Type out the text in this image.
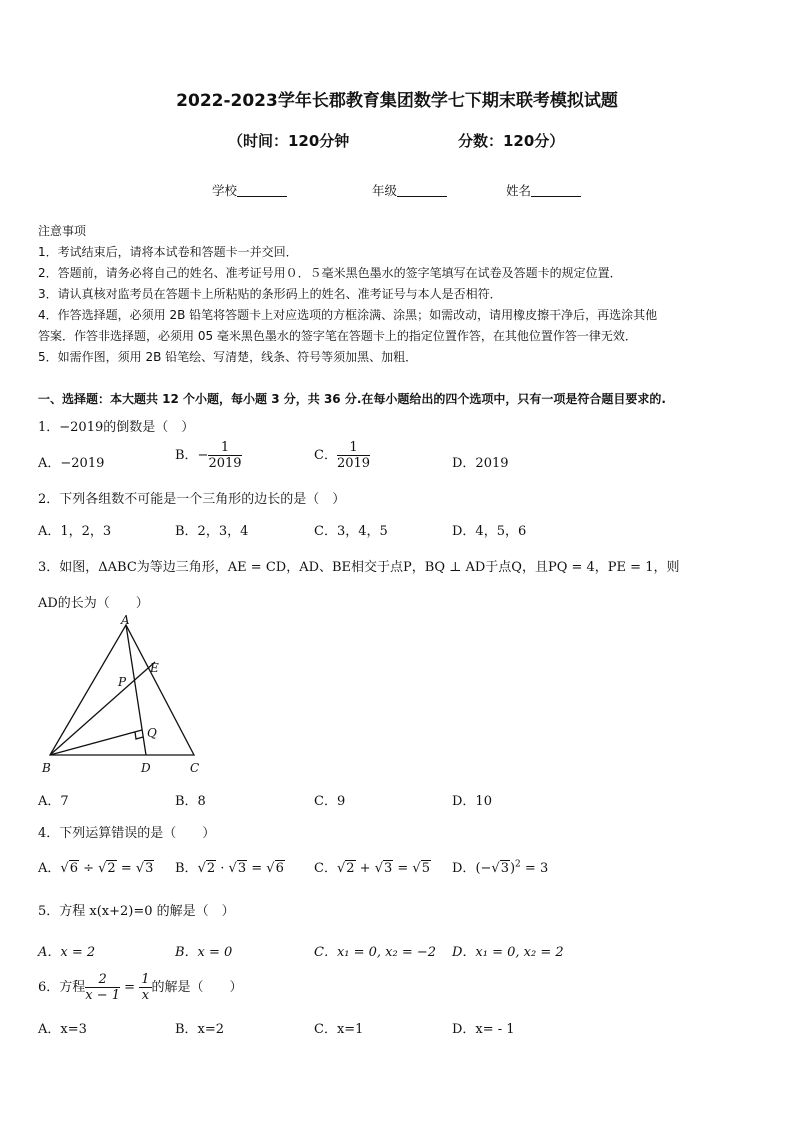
2022-2023学年长郡教育集团数学七下期末联考模拟试题
（时间：120分钟	分数：120分）
学校	年级	姓名
注意事项
1．考试结束后，请将本试卷和答题卡一并交回．
2．答题前，请务必将自己的姓名、准考证号用０．５毫米黑色墨水的签字笔填写在试卷及答题卡的规定位置．
3．请认真核对监考员在答题卡上所粘贴的条形码上的姓名、准考证号与本人是否相符．
4．作答选择题，必须用 2B 铅笔将答题卡上对应选项的方框涂满、涂黑；如需改动，请用橡皮擦干净后，再选涂其他
答案．作答非选择题，必须用 05 毫米黑色墨水的签字笔在答题卡上的指定位置作答，在其他位置作答一律无效．
5．如需作图，须用 2B 铅笔绘、写清楚，线条、符号等须加黑、加粗．
一、选择题：本大题共 12 个小题，每小题 3 分，共 36 分.在每小题给出的四个选项中，只有一项是符合题目要求的.
1．−2019的倒数是（　）
A．−2019
B．− $\frac{1}{2019}$	C． $\frac{1}{2019}$	D．2019
2．下列各组数不可能是一个三角形的边长的是（　）
A．1，2，3	B．2，3，4	C．3，4，5	D．4，5，6
3．如图，ΔABC为等边三角形，AE = CD，AD、BE相交于点P，BQ ⊥ AD于点Q，且PQ = 4，PE = 1，则
AD的长为（　　）
A
B	C
D
E
P
Q
A．7	B．8	C．9	D．10
4．下列运算错误的是（　　）
A．√6 ÷ √2 = √3 B．√2 · √3 = √6 C．√2 + √3 = √5 D．$(-√3)^2 = 3$
5．方程 x(x+2)=0 的解是（　）
A．x = 2	B．x = 0	C．x₁ = 0, x₂ = −2 D．x₁ = 0, x₂ = 2
6．方程 $\frac{2}{x - 1} = \frac{1}{x}$ 的解是（　　）
A．x=3	B．x=2	C．x=1	D．x= - 1
